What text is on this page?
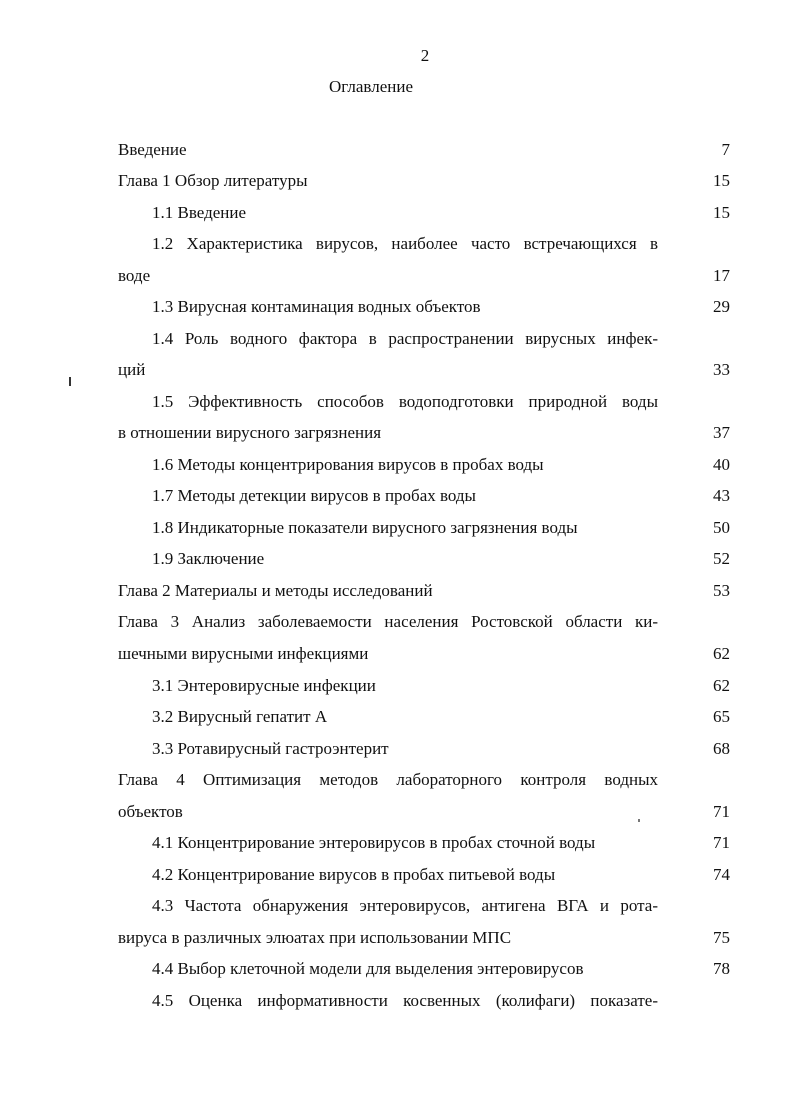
2
Оглавление
Введение	7
Глава 1 Обзор литературы	15
1.1 Введение	15
1.2 Характеристика вирусов, наиболее часто встречающихся в
воде	17
1.3 Вирусная контаминация водных объектов	29
1.4 Роль водного фактора в распространении вирусных инфек-
ций	33
1.5 Эффективность способов водоподготовки природной воды
в отношении вирусного загрязнения	37
1.6 Методы концентрирования вирусов в пробах воды	40
1.7 Методы детекции вирусов в пробах воды	43
1.8 Индикаторные показатели вирусного загрязнения воды	50
1.9 Заключение	52
Глава 2 Материалы и методы исследований	53
Глава 3 Анализ заболеваемости населения Ростовской области ки-
шечными вирусными инфекциями	62
3.1 Энтеровирусные инфекции	62
3.2 Вирусный гепатит А	65
3.3 Ротавирусный гастроэнтерит	68
Глава 4 Оптимизация методов лабораторного контроля водных
объектов	71
4.1 Концентрирование энтеровирусов в пробах сточной воды	71
4.2 Концентрирование вирусов в пробах питьевой воды	74
4.3 Частота обнаружения энтеровирусов, антигена ВГА и рота-
вируса в различных элюатах при использовании МПС	75
4.4 Выбор клеточной модели для выделения энтеровирусов	78
4.5 Оценка информативности косвенных (колифаги) показате-
